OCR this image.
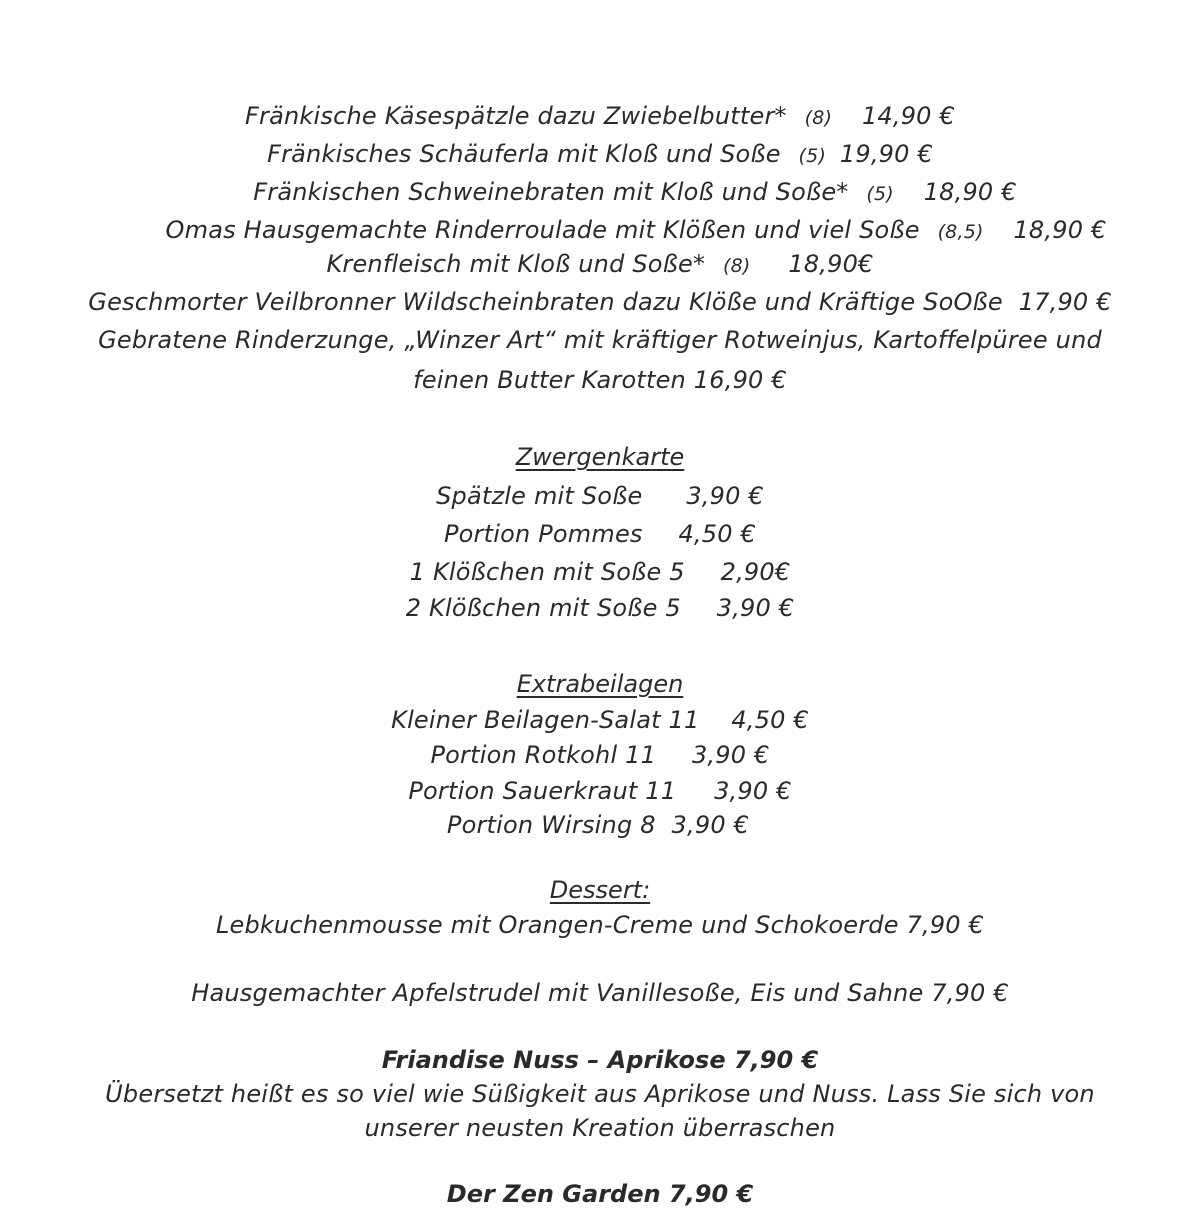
Fränkische Käsespätzle dazu Zwiebelbutter* (8) 14,90 €
Fränkisches Schäuferla mit Kloß und Soße (5) 19,90 €
Fränkischen Schweinebraten mit Kloß und Soße* (5) 18,90 €
Omas Hausgemachte Rinderroulade mit Klößen und viel Soße (8,5) 18,90 €
Krenfleisch mit Kloß und Soße* (8) 18,90€
Geschmorter Veilbronner Wildscheinbraten dazu Klöße und Kräftige SoOße 17,90 €
Gebratene Rinderzunge, „Winzer Art“ mit kräftiger Rotweinjus, Kartoffelpüree und
feinen Butter Karotten 16,90 €
Zwergenkarte
Spätzle mit Soße 3,90 €
Portion Pommes 4,50 €
1 Klößchen mit Soße 5 2,90€
2 Klößchen mit Soße 5 3,90 €
Extrabeilagen
Kleiner Beilagen-Salat 11 4,50 €
Portion Rotkohl 11 3,90 €
Portion Sauerkraut 11 3,90 €
Portion Wirsing 8 3,90 €
Dessert:
Lebkuchenmousse mit Orangen-Creme und Schokoerde 7,90 €
Hausgemachter Apfelstrudel mit Vanillesoße, Eis und Sahne 7,90 €
Friandise Nuss – Aprikose 7,90 €
Übersetzt heißt es so viel wie Süßigkeit aus Aprikose und Nuss. Lass Sie sich von
unserer neusten Kreation überraschen
Der Zen Garden 7,90 €
